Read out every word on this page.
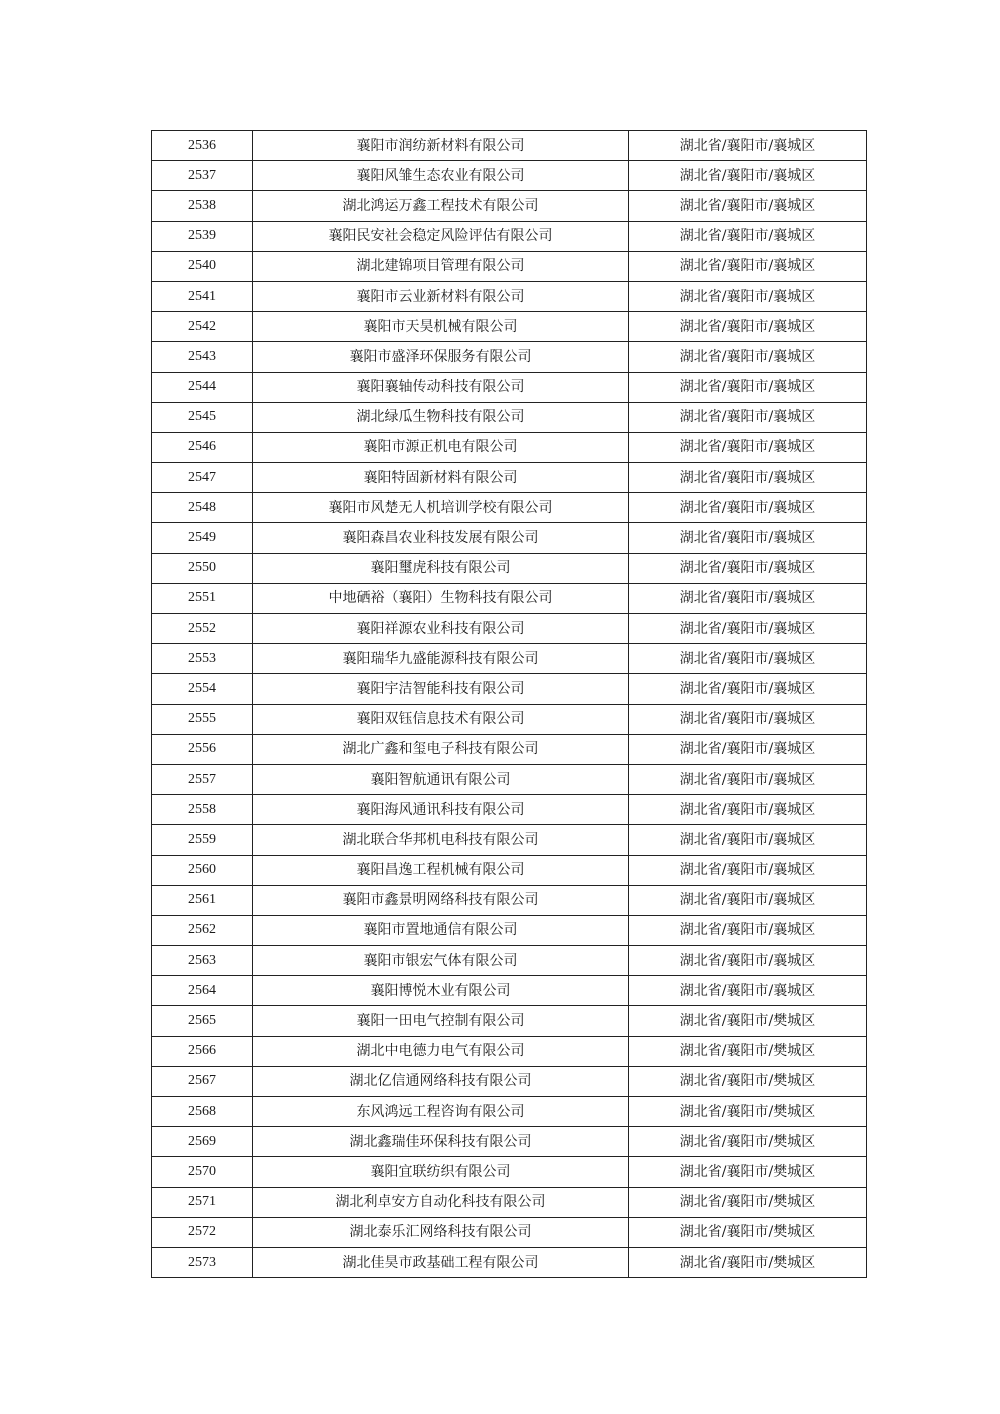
2536	襄阳市润纺新材料有限公司	湖北省/襄阳市/襄城区
2537	襄阳风雏生态农业有限公司	湖北省/襄阳市/襄城区
2538	湖北鸿运万鑫工程技术有限公司	湖北省/襄阳市/襄城区
2539	襄阳民安社会稳定风险评估有限公司	湖北省/襄阳市/襄城区
2540	湖北建锦项目管理有限公司	湖北省/襄阳市/襄城区
2541	襄阳市云业新材料有限公司	湖北省/襄阳市/襄城区
2542	襄阳市天昊机械有限公司	湖北省/襄阳市/襄城区
2543	襄阳市盛泽环保服务有限公司	湖北省/襄阳市/襄城区
2544	襄阳襄轴传动科技有限公司	湖北省/襄阳市/襄城区
2545	湖北绿瓜生物科技有限公司	湖北省/襄阳市/襄城区
2546	襄阳市源正机电有限公司	湖北省/襄阳市/襄城区
2547	襄阳特固新材料有限公司	湖北省/襄阳市/襄城区
2548	襄阳市风楚无人机培训学校有限公司	湖北省/襄阳市/襄城区
2549	襄阳森昌农业科技发展有限公司	湖北省/襄阳市/襄城区
2550	襄阳璽虎科技有限公司	湖北省/襄阳市/襄城区
2551	中地硒裕（襄阳）生物科技有限公司	湖北省/襄阳市/襄城区
2552	襄阳祥源农业科技有限公司	湖北省/襄阳市/襄城区
2553	襄阳瑞华九盛能源科技有限公司	湖北省/襄阳市/襄城区
2554	襄阳宇洁智能科技有限公司	湖北省/襄阳市/襄城区
2555	襄阳双钰信息技术有限公司	湖北省/襄阳市/襄城区
2556	湖北广鑫和玺电子科技有限公司	湖北省/襄阳市/襄城区
2557	襄阳智航通讯有限公司	湖北省/襄阳市/襄城区
2558	襄阳海风通讯科技有限公司	湖北省/襄阳市/襄城区
2559	湖北联合华邦机电科技有限公司	湖北省/襄阳市/襄城区
2560	襄阳昌逸工程机械有限公司	湖北省/襄阳市/襄城区
2561	襄阳市鑫景明网络科技有限公司	湖北省/襄阳市/襄城区
2562	襄阳市置地通信有限公司	湖北省/襄阳市/襄城区
2563	襄阳市银宏气体有限公司	湖北省/襄阳市/襄城区
2564	襄阳博悦木业有限公司	湖北省/襄阳市/襄城区
2565	襄阳一田电气控制有限公司	湖北省/襄阳市/樊城区
2566	湖北中电德力电气有限公司	湖北省/襄阳市/樊城区
2567	湖北亿信通网络科技有限公司	湖北省/襄阳市/樊城区
2568	东风鸿远工程咨询有限公司	湖北省/襄阳市/樊城区
2569	湖北鑫瑞佳环保科技有限公司	湖北省/襄阳市/樊城区
2570	襄阳宜联纺织有限公司	湖北省/襄阳市/樊城区
2571	湖北利卓安方自动化科技有限公司	湖北省/襄阳市/樊城区
2572	湖北泰乐汇网络科技有限公司	湖北省/襄阳市/樊城区
2573	湖北佳昊市政基础工程有限公司	湖北省/襄阳市/樊城区
